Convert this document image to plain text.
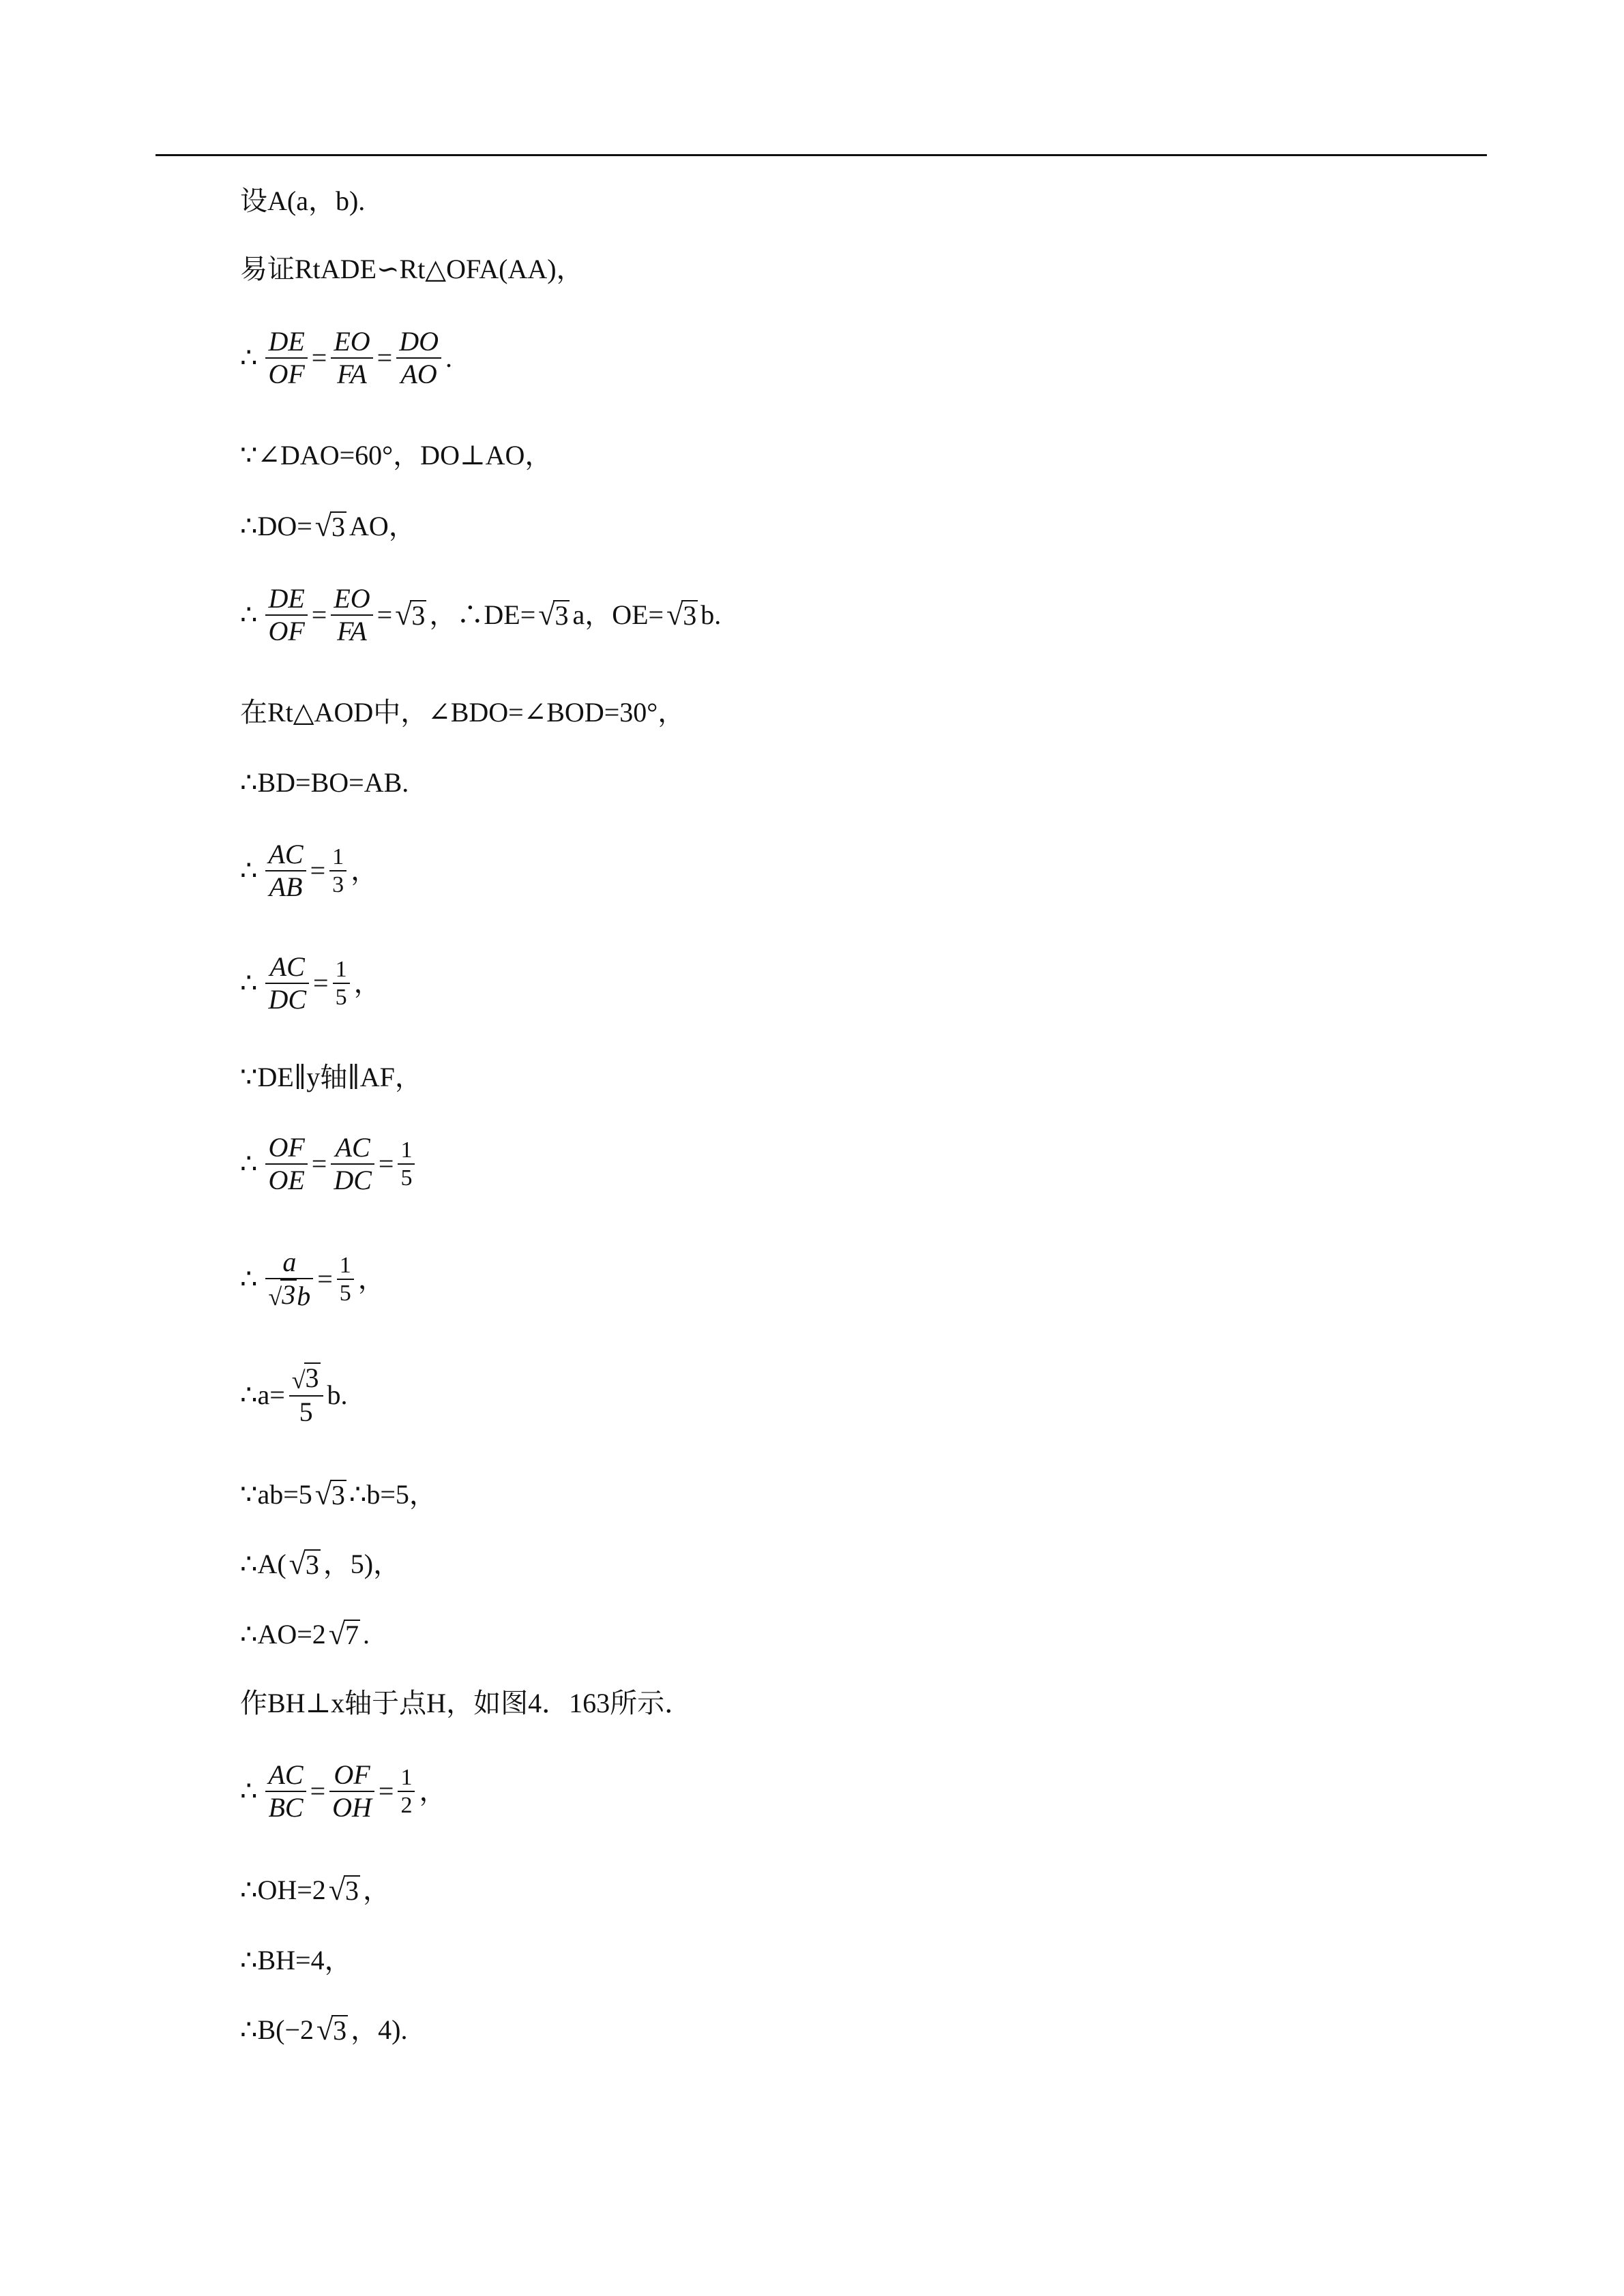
设A(a，b).
易证RtADE∽Rt△OFA(AA)，
∴ $\frac{DE}{OF} = \frac{EO}{FA} = \frac{DO}{AO}$ .
∵∠DAO=60°，DO⊥AO，
∴DO= √ 3 AO，
∴ $\frac{DE}{OF} = \frac{EO}{FA}$ = √ 3 ，∴DE= √ 3 a，OE= √ 3 b.
在Rt△AOD中，∠BDO=∠BOD=30°，
∴BD=BO=AB.
∴ $\frac{AC}{AB} = \frac{1}{3}$ ，
∴ $\frac{AC}{DC} = \frac{1}{5}$ ，
∵DE∥y轴∥AF，
∴ $\frac{OF}{OE} = \frac{AC}{DC} = \frac{1}{5}$
∴ $\frac{a}{√ 3 b} = \frac{1}{5}$ ，
∴a= $\frac{√ 3}{5} b$.
∵ab=5 √ 3 ∴b=5，
∴A( √ 3 ，5)，
∴AO=2 √ 7 .
作BH⊥x轴于点H，如图4．163所示．
∴ $\frac{AC}{BC} = \frac{OF}{OH} = \frac{1}{2}$ ，
∴OH=2 √ 3 ，
∴BH=4，
∴B(−2 √ 3 ，4).
